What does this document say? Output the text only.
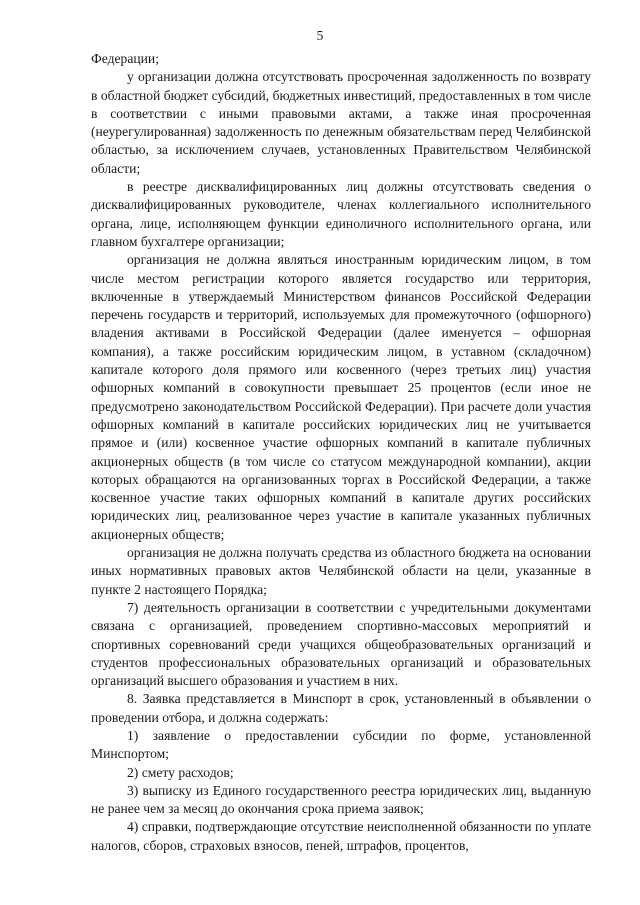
5

Федерации;

у организации должна отсутствовать просроченная задолженность по возврату в областной бюджет субсидий, бюджетных инвестиций, предоставленных в том числе в соответствии с иными правовыми актами, а также иная просроченная (неурегулированная) задолженность по денежным обязательствам перед Челябинской областью, за исключением случаев, установленных Правительством Челябинской области;

в реестре дисквалифицированных лиц должны отсутствовать сведения о дисквалифицированных руководителе, членах коллегиального исполнительного органа, лице, исполняющем функции единоличного исполнительного органа, или главном бухгалтере организации;

организация не должна являться иностранным юридическим лицом, в том числе местом регистрации которого является государство или территория, включенные в утверждаемый Министерством финансов Российской Федерации перечень государств и территорий, используемых для промежуточного (офшорного) владения активами в Российской Федерации (далее именуется – офшорная компания), а также российским юридическим лицом, в уставном (складочном) капитале которого доля прямого или косвенного (через третьих лиц) участия офшорных компаний в совокупности превышает 25 процентов (если иное не предусмотрено законодательством Российской Федерации). При расчете доли участия офшорных компаний в капитале российских юридических лиц не учитывается прямое и (или) косвенное участие офшорных компаний в капитале публичных акционерных обществ (в том числе со статусом международной компании), акции которых обращаются на организованных торгах в Российской Федерации, а также косвенное участие таких офшорных компаний в капитале других российских юридических лиц, реализованное через участие в капитале указанных публичных акционерных обществ;

организация не должна получать средства из областного бюджета на основании иных нормативных правовых актов Челябинской области на цели, указанные в пункте 2 настоящего Порядка;

7) деятельность организации в соответствии с учредительными документами связана с организацией, проведением спортивно-массовых мероприятий и спортивных соревнований среди учащихся общеобразовательных организаций и студентов профессиональных образовательных организаций и образовательных организаций высшего образования и участием в них.

8. Заявка представляется в Минспорт в срок, установленный в объявлении о проведении отбора, и должна содержать:

1) заявление о предоставлении субсидии по форме, установленной Минспортом;

2) смету расходов;

3) выписку из Единого государственного реестра юридических лиц, выданную не ранее чем за месяц до окончания срока приема заявок;

4) справки, подтверждающие отсутствие неисполненной обязанности по уплате налогов, сборов, страховых взносов, пеней, штрафов, процентов,
